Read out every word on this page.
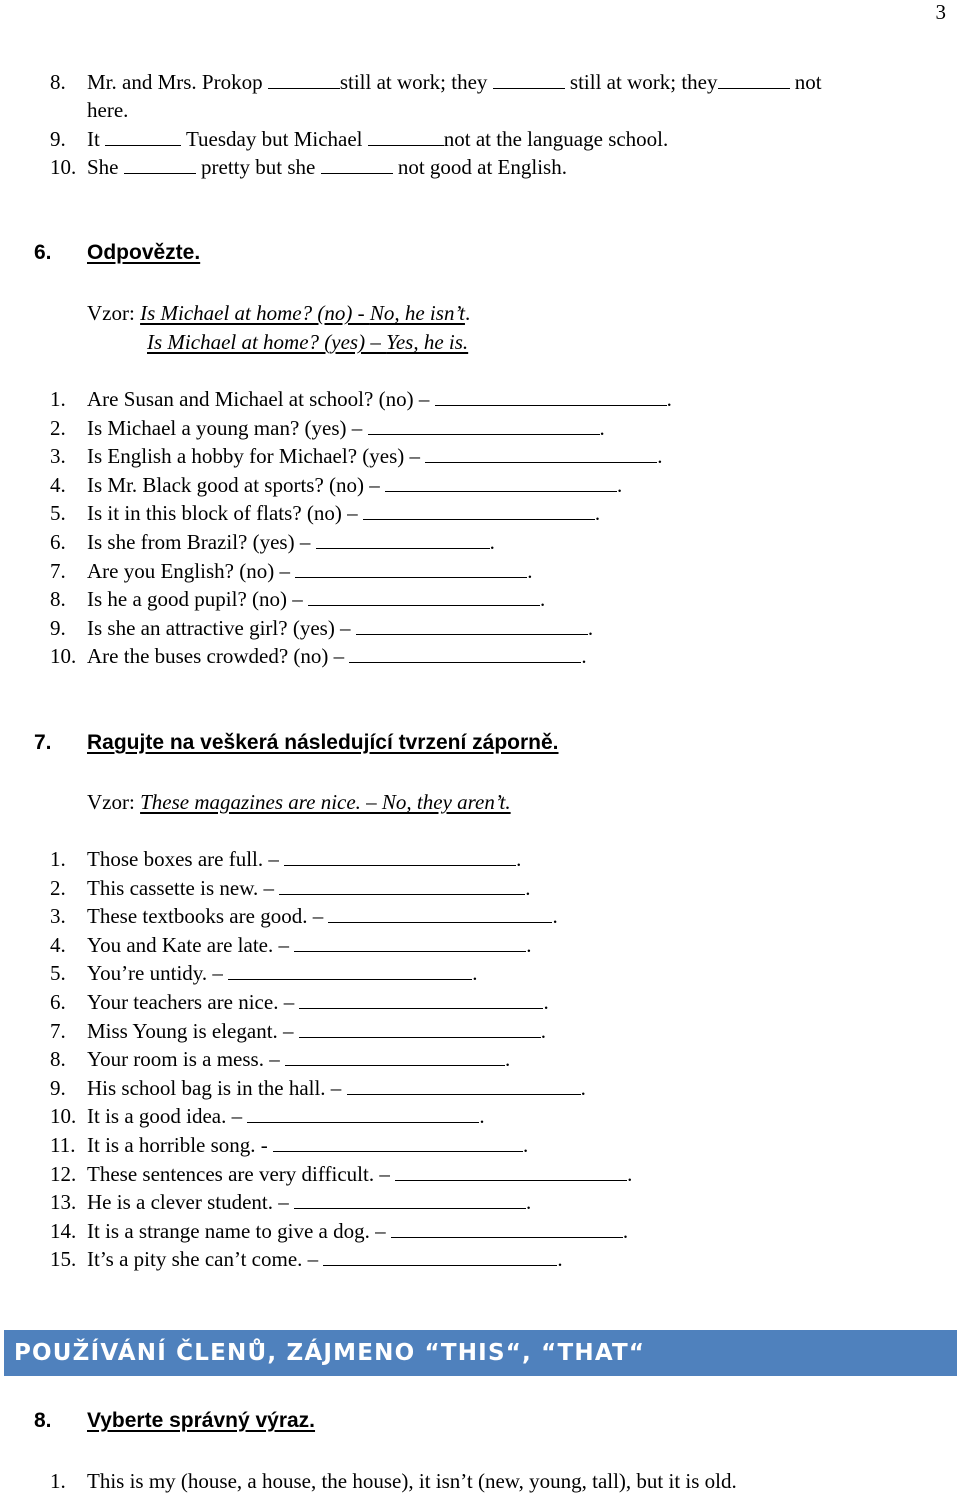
3
8.	Mr. and Mrs. Prokop	still at work; they	still at work; they	not
here.
9.	It	Tuesday but Michael	not at the language school.
10. She	pretty but she	not good at English.
6. Odpovězte.
Vzor: Is Michael at home? (no) - No, he isn’t.
Is Michael at home? (yes) – Yes, he is.
1.	Are Susan and Michael at school? (no) –	.
2.	Is Michael a young man? (yes) –	.
3.	Is English a hobby for Michael? (yes) –	.
4.	Is Mr. Black good at sports? (no) –	.
5.	Is it in this block of flats? (no) –	.
6.	Is she from Brazil? (yes) –	.
7.	Are you English? (no) –	.
8.	Is he a good pupil? (no) –	.
9.	Is she an attractive girl? (yes) –	.
10. Are the buses crowded? (no) –	.
7. Ragujte na veškerá následující tvrzení záporně.
Vzor: These magazines are nice. – No, they aren’t.
1.	Those boxes are full. –	.
2.	This cassette is new. –	.
3.	These textbooks are good. –	.
4.	You and Kate are late. –	.
5.	You’re untidy. –	.
6.	Your teachers are nice. –	.
7.	Miss Young is elegant. –	.
8.	Your room is a mess. –	.
9.	His school bag is in the hall. –	.
10. It is a good idea. –	.
11. It is a horrible song. -	.
12. These sentences are very difficult. –	.
13. He is a clever student. –	.
14. It is a strange name to give a dog. –	.
15. It’s a pity she can’t come. –	.
POUŽÍVÁNÍ ČLENŮ, ZÁJMENO “THIS“, “THAT“
8. Vyberte správný výraz.
1.	This is my (house, a house, the house), it isn’t (new, young, tall), but it is old.
